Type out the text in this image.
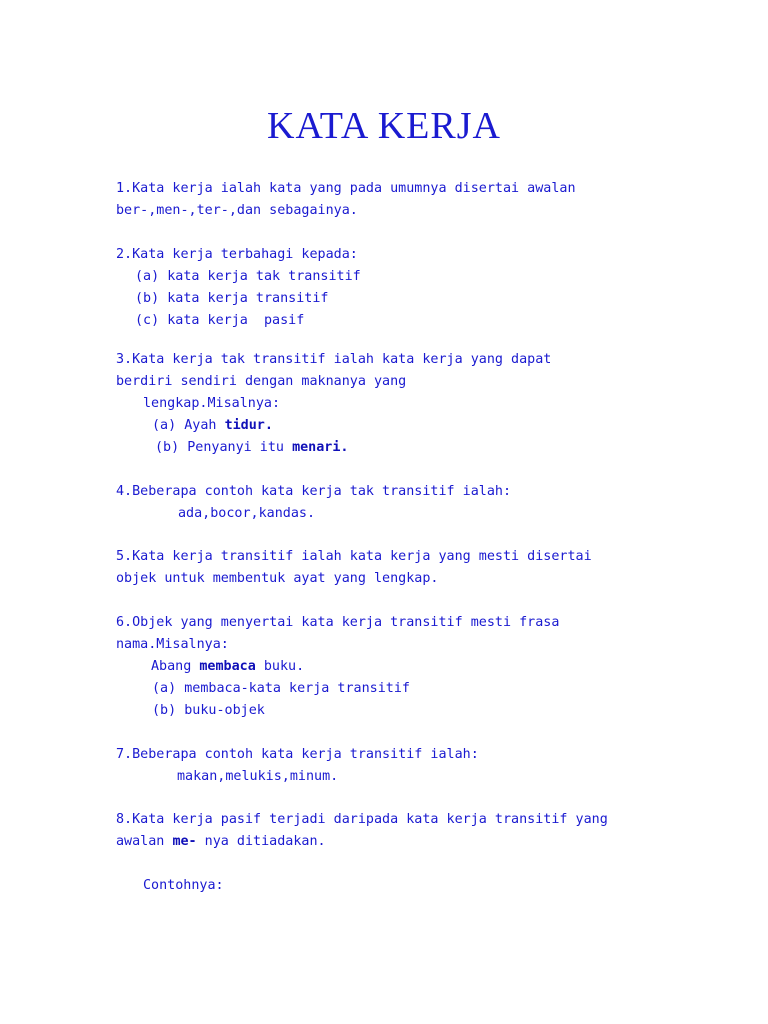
KATA KERJA
1.Kata kerja ialah kata yang pada umumnya disertai awalan
ber-,men-,ter-,dan sebagainya.
2.Kata kerja terbahagi kepada:
(a) kata kerja tak transitif
(b) kata kerja transitif
(c) kata kerja  pasif
3.Kata kerja tak transitif ialah kata kerja yang dapat
berdiri sendiri dengan maknanya yang
lengkap.Misalnya:
(a) Ayah tidur.
(b) Penyanyi itu menari.
4.Beberapa contoh kata kerja tak transitif ialah:
ada,bocor,kandas.
5.Kata kerja transitif ialah kata kerja yang mesti disertai
objek untuk membentuk ayat yang lengkap.
6.Objek yang menyertai kata kerja transitif mesti frasa
nama.Misalnya:
Abang membaca buku.
(a) membaca-kata kerja transitif
(b) buku-objek
7.Beberapa contoh kata kerja transitif ialah:
makan,melukis,minum.
8.Kata kerja pasif terjadi daripada kata kerja transitif yang
awalan me- nya ditiadakan.
Contohnya:
